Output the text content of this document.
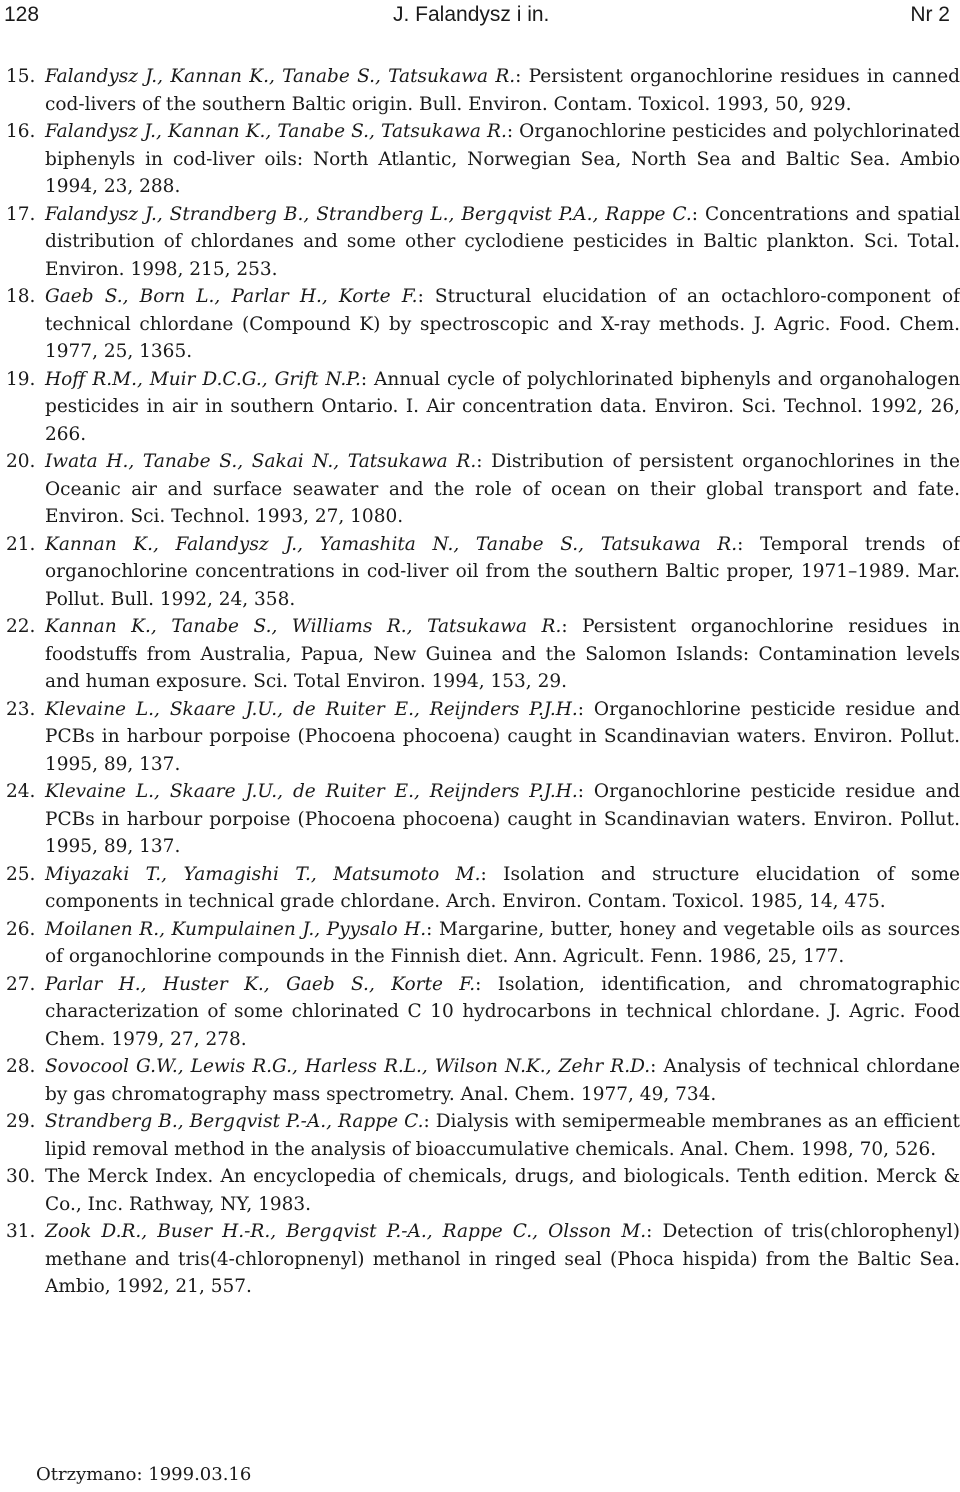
128	J. Falandysz i in.	Nr 2
15. Falandysz J., Kannan K., Tanabe S., Tatsukawa R.: Persistent organochlorine residues in canned cod-livers of the southern Baltic origin. Bull. Environ. Contam. Toxicol. 1993, 50, 929.
16. Falandysz J., Kannan K., Tanabe S., Tatsukawa R.: Organochlorine pesticides and polychlorinated biphenyls in cod-liver oils: North Atlantic, Norwegian Sea, North Sea and Baltic Sea. Ambio 1994, 23, 288.
17. Falandysz J., Strandberg B., Strandberg L., Bergqvist P.A., Rappe C.: Concentrations and spatial distribution of chlordanes and some other cyclodiene pesticides in Baltic plankton. Sci. Total. Environ. 1998, 215, 253.
18. Gaeb S., Born L., Parlar H., Korte F.: Structural elucidation of an octachloro-component of technical chlordane (Compound K) by spectroscopic and X-ray methods. J. Agric. Food. Chem. 1977, 25, 1365.
19. Hoff R.M., Muir D.C.G., Grift N.P.: Annual cycle of polychlorinated biphenyls and organohalogen pesticides in air in southern Ontario. I. Air concentration data. Environ. Sci. Technol. 1992, 26, 266.
20. Iwata H., Tanabe S., Sakai N., Tatsukawa R.: Distribution of persistent organochlorines in the Oceanic air and surface seawater and the role of ocean on their global transport and fate. Environ. Sci. Technol. 1993, 27, 1080.
21. Kannan K., Falandysz J., Yamashita N., Tanabe S., Tatsukawa R.: Temporal trends of organochlorine concentrations in cod-liver oil from the southern Baltic proper, 1971–1989. Mar. Pollut. Bull. 1992, 24, 358.
22. Kannan K., Tanabe S., Williams R., Tatsukawa R.: Persistent organochlorine residues in foodstuffs from Australia, Papua, New Guinea and the Salomon Islands: Contamination levels and human exposure. Sci. Total Environ. 1994, 153, 29.
23. Klevaine L., Skaare J.U., de Ruiter E., Reijnders P.J.H.: Organochlorine pesticide residue and PCBs in harbour porpoise (Phocoena phocoena) caught in Scandinavian waters. Environ. Pollut. 1995, 89, 137.
24. Klevaine L., Skaare J.U., de Ruiter E., Reijnders P.J.H.: Organochlorine pesticide residue and PCBs in harbour porpoise (Phocoena phocoena) caught in Scandinavian waters. Environ. Pollut. 1995, 89, 137.
25. Miyazaki T., Yamagishi T., Matsumoto M.: Isolation and structure elucidation of some components in technical grade chlordane. Arch. Environ. Contam. Toxicol. 1985, 14, 475.
26. Moilanen R., Kumpulainen J., Pyysalo H.: Margarine, butter, honey and vegetable oils as sources of organochlorine compounds in the Finnish diet. Ann. Agricult. Fenn. 1986, 25, 177.
27. Parlar H., Huster K., Gaeb S., Korte F.: Isolation, identification, and chromatographic characterization of some chlorinated C 10 hydrocarbons in technical chlordane. J. Agric. Food Chem. 1979, 27, 278.
28. Sovocool G.W., Lewis R.G., Harless R.L., Wilson N.K., Zehr R.D.: Analysis of technical chlordane by gas chromatography mass spectrometry. Anal. Chem. 1977, 49, 734.
29. Strandberg B., Bergqvist P.-A., Rappe C.: Dialysis with semipermeable membranes as an efficient lipid removal method in the analysis of bioaccumulative chemicals. Anal. Chem. 1998, 70, 526.
30. The Merck Index. An encyclopedia of chemicals, drugs, and biologicals. Tenth edition. Merck & Co., Inc. Rathway, NY, 1983.
31. Zook D.R., Buser H.-R., Bergqvist P.-A., Rappe C., Olsson M.: Detection of tris(chlorophenyl) methane and tris(4-chloropnenyl) methanol in ringed seal (Phoca hispida) from the Baltic Sea. Ambio, 1992, 21, 557.
Otrzymano: 1999.03.16
